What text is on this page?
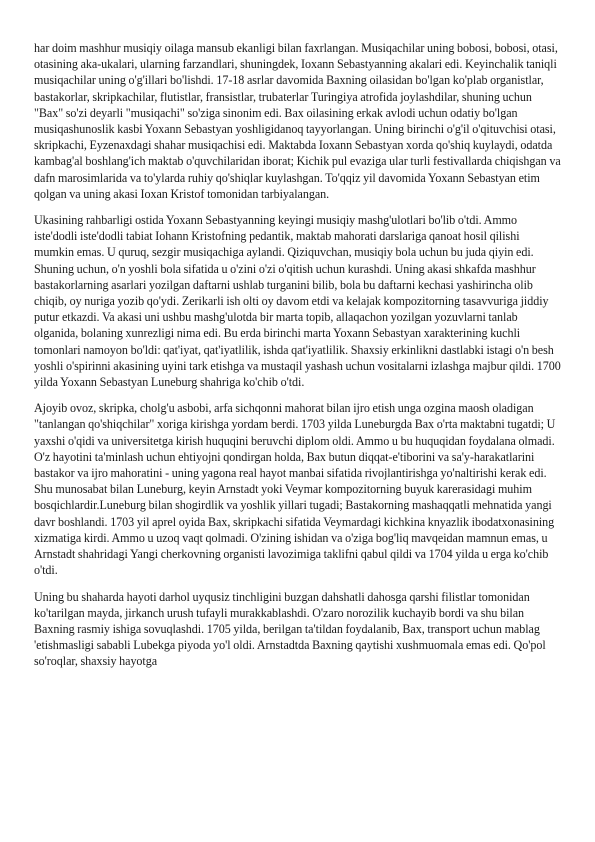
har doim mashhur musiqiy oilaga mansub ekanligi bilan faxrlangan. Musiqachilar uning bobosi, bobosi, otasi, otasining aka-ukalari, ularning farzandlari, shuningdek, Ioxann Sebastyanning akalari edi. Keyinchalik taniqli musiqachilar uning o'g'illari bo'lishdi. 17-18 asrlar davomida Baxning oilasidan bo'lgan ko'plab organistlar, bastakorlar, skripkachilar, flutistlar, fransistlar, trubaterlar Turingiya atrofida joylashdilar, shuning uchun "Bax" so'zi deyarli "musiqachi" so'ziga sinonim edi. Bax oilasining erkak avlodi uchun odatiy bo'lgan musiqashunoslik kasbi Yoxann Sebastyan yoshligidanoq tayyorlangan. Uning birinchi o'g'il o'qituvchisi otasi, skripkachi, Eyzenaxdagi shahar musiqachisi edi. Maktabda Ioxann Sebastyan xorda qo'shiq kuylaydi, odatda kambag'al boshlang'ich maktab o'quvchilaridan iborat; Kichik pul evaziga ular turli festivallarda chiqishgan va dafn marosimlarida va to'ylarda ruhiy qo'shiqlar kuylashgan. To'qqiz yil davomida Yoxann Sebastyan etim qolgan va uning akasi Ioxan Kristof tomonidan tarbiyalangan.

Ukasining rahbarligi ostida Yoxann Sebastyanning keyingi musiqiy mashg'ulotlari bo'lib o'tdi. Ammo iste'dodli iste'dodli tabiat Iohann Kristofning pedantik, maktab mahorati darslariga qanoat hosil qilishi mumkin emas. U quruq, sezgir musiqachiga aylandi. Qiziquvchan, musiqiy bola uchun bu juda qiyin edi. Shuning uchun, o'n yoshli bola sifatida u o'zini o'zi o'qitish uchun kurashdi. Uning akasi shkafda mashhur bastakorlarning asarlari yozilgan daftarni ushlab turganini bilib, bola bu daftarni kechasi yashirincha olib chiqib, oy nuriga yozib qo'ydi. Zerikarli ish olti oy davom etdi va kelajak kompozitorning tasavvuriga jiddiy putur etkazdi. Va akasi uni ushbu mashg'ulotda bir marta topib, allaqachon yozilgan yozuvlarni tanlab olganida, bolaning xunrezligi nima edi. Bu erda birinchi marta Yoxann Sebastyan xarakterining kuchli tomonlari namoyon bo'ldi: qat'iyat, qat'iyatlilik, ishda qat'iyatlilik. Shaxsiy erkinlikni dastlabki istagi o'n besh yoshli o'spirinni akasining uyini tark etishga va mustaqil yashash uchun vositalarni izlashga majbur qildi. 1700 yilda Yoxann Sebastyan Luneburg shahriga ko'chib o'tdi.

Ajoyib ovoz, skripka, cholg'u asbobi, arfa sichqonni mahorat bilan ijro etish unga ozgina maosh oladigan "tanlangan qo'shiqchilar" xoriga kirishga yordam berdi. 1703 yilda Luneburgda Bax o'rta maktabni tugatdi; U yaxshi o'qidi va universitetga kirish huquqini beruvchi diplom oldi. Ammo u bu huquqidan foydalana olmadi. O'z hayotini ta'minlash uchun ehtiyojni qondirgan holda, Bax butun diqqat-e'tiborini va sa'y-harakatlarini bastakor va ijro mahoratini - uning yagona real hayot manbai sifatida rivojlantirishga yo'naltirishi kerak edi. Shu munosabat bilan Luneburg, keyin Arnstadt yoki Veymar kompozitorning buyuk karerasidagi muhim bosqichlardir.Luneburg bilan shogirdlik va yoshlik yillari tugadi; Bastakorning mashaqqatli mehnatida yangi davr boshlandi. 1703 yil aprel oyida Bax, skripkachi sifatida Veymardagi kichkina knyazlik ibodatxonasining xizmatiga kirdi. Ammo u uzoq vaqt qolmadi. O'zining ishidan va o'ziga bog'liq mavqeidan mamnun emas, u Arnstadt shahridagi Yangi cherkovning organisti lavozimiga taklifni qabul qildi va 1704 yilda u erga ko'chib o'tdi.

Uning bu shaharda hayoti darhol uyqusiz tinchligini buzgan dahshatli dahosga qarshi filistlar tomonidan ko'tarilgan mayda, jirkanch urush tufayli murakkablashdi. O'zaro norozilik kuchayib bordi va shu bilan Baxning rasmiy ishiga sovuqlashdi. 1705 yilda, berilgan ta'tildan foydalanib, Bax, transport uchun mablag 'etishmasligi sababli Lubekga piyoda yo'l oldi. Arnstadtda Baxning qaytishi xushmuomala emas edi. Qo'pol so'roqlar, shaxsiy hayotga
